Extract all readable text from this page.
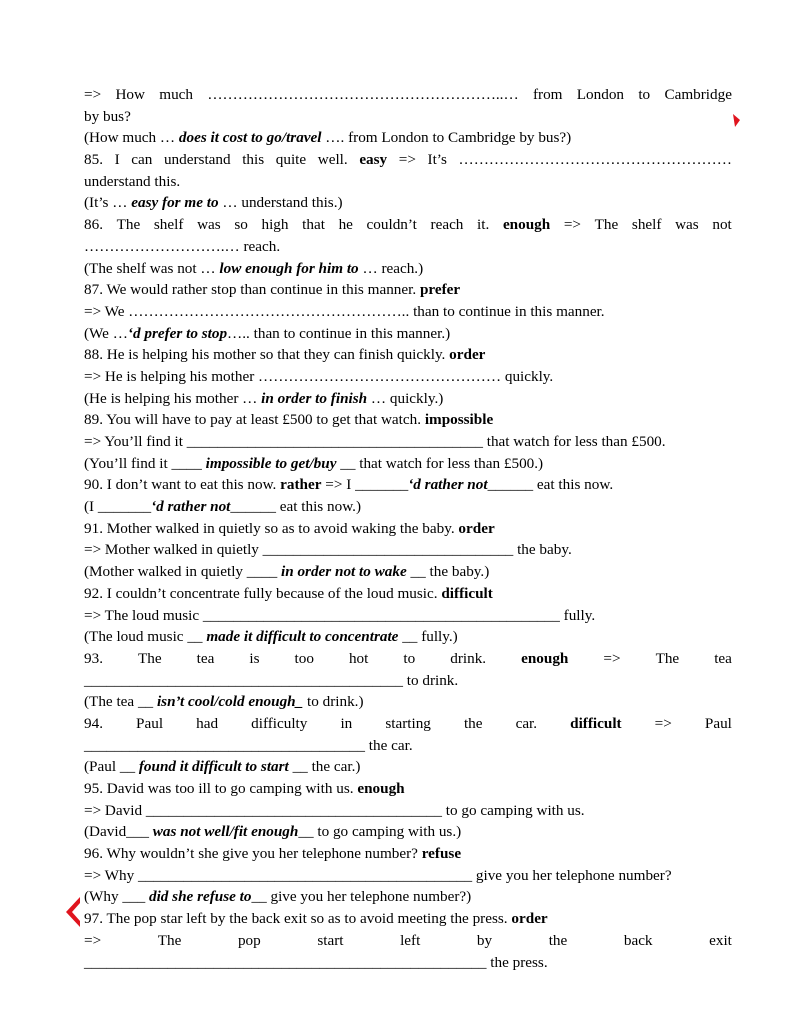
=> How much …………………………………………………..… from London to Cambridge
by bus?
(How much … does it cost to go/travel …. from London to Cambridge by bus?)
85. I can understand this quite well. easy => It’s ………………………………………………
understand this.
(It’s … easy for me to … understand this.)
86. The shelf was so high that he couldn’t reach it. enough => The shelf was not
……………………….… reach.
(The shelf was not … low enough for him to … reach.)
87. We would rather stop than continue in this manner. prefer
=> We ……………………………………………….. than to continue in this manner.
(We …‘d prefer to stop….. than to continue in this manner.)
88. He is helping his mother so that they can finish quickly. order
=> He is helping his mother ………………………………………… quickly.
(He is helping his mother … in order to finish … quickly.)
89. You will have to pay at least £500 to get that watch. impossible
=> You’ll find it _______________________________________ that watch for less than £500.
(You’ll find it ____ impossible to get/buy __ that watch for less than £500.)
90. I don’t want to eat this now. rather => I _______‘d rather not______ eat this now.
(I _______‘d rather not______ eat this now.)
91. Mother walked in quietly so as to avoid waking the baby. order
=> Mother walked in quietly _________________________________ the baby.
(Mother walked in quietly ____ in order not to wake __ the baby.)
92. I couldn’t concentrate fully because of the loud music. difficult
=> The loud music _______________________________________________ fully.
(The loud music __ made it difficult to concentrate __ fully.)
93. The tea is too hot to drink. enough => The tea
__________________________________________ to drink.
(The tea __ isn’t cool/cold enough_ to drink.)
94. Paul had difficulty in starting the car. difficult => Paul
_____________________________________ the car.
(Paul __ found it difficult to start __ the car.)
95. David was too ill to go camping with us. enough
=> David _______________________________________ to go camping with us.
(David___ was not well/fit enough__ to go camping with us.)
96. Why wouldn’t she give you her telephone number? refuse
=> Why ____________________________________________ give you her telephone number?
(Why ___ did she refuse to__ give you her telephone number?)
97. The pop star left by the back exit so as to avoid meeting the press. order
=>	The	pop	start	left	by	the	back	exit
_____________________________________________________ the press.
